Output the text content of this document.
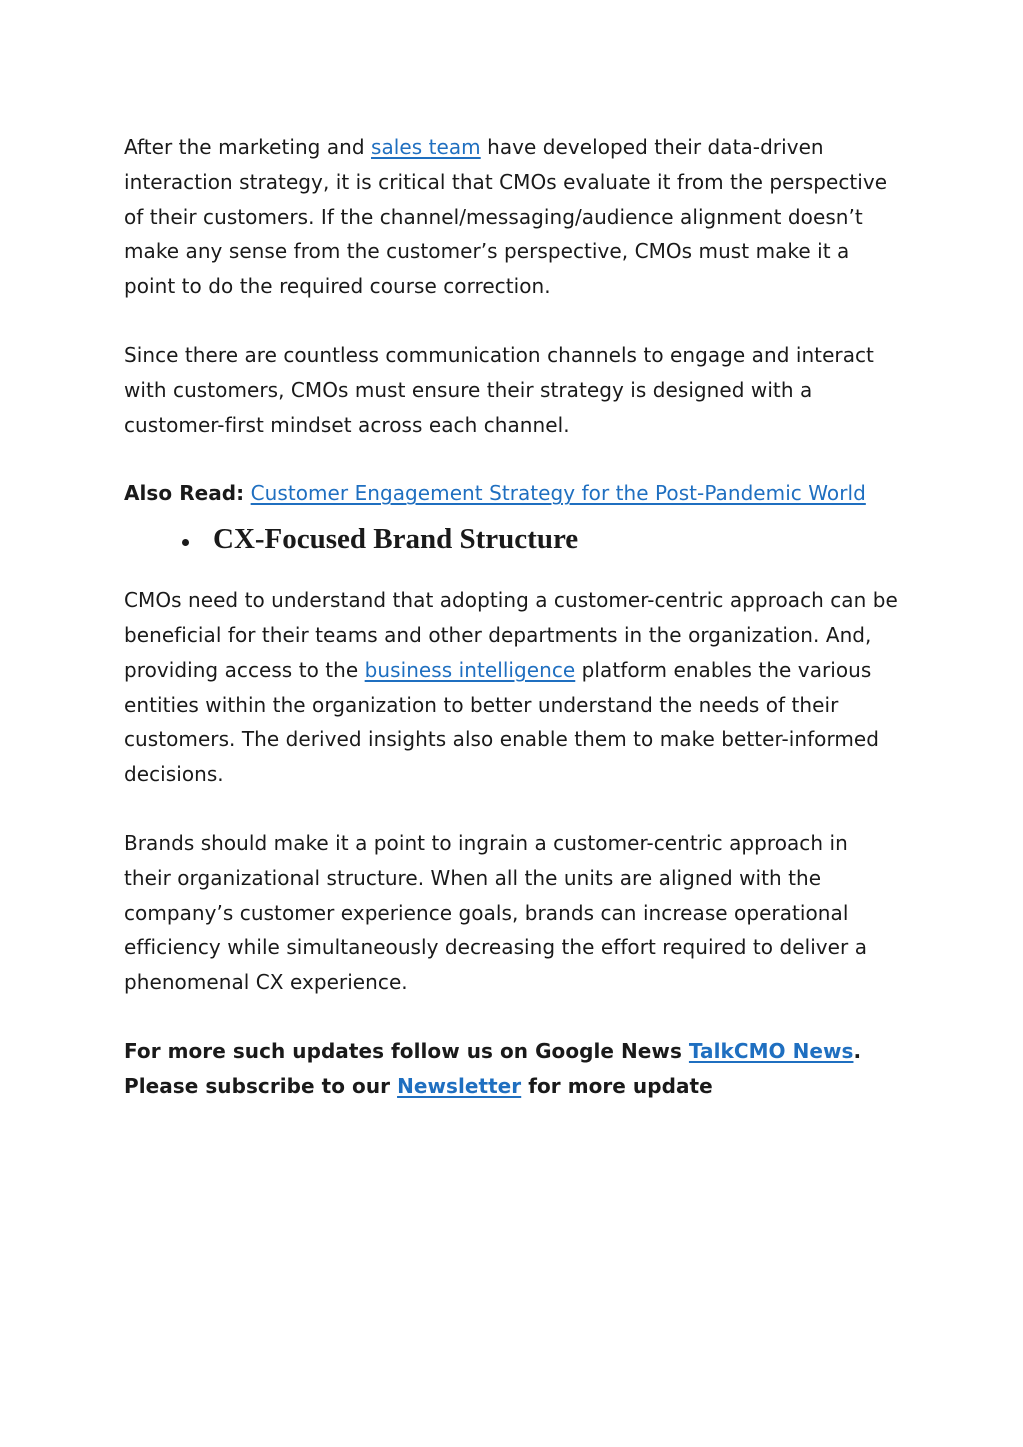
After the marketing and sales team have developed their data-driven interaction strategy, it is critical that CMOs evaluate it from the perspective of their customers. If the channel/messaging/audience alignment doesn’t make any sense from the customer’s perspective, CMOs must make it a point to do the required course correction.

Since there are countless communication channels to engage and interact with customers, CMOs must ensure their strategy is designed with a customer-first mindset across each channel.

Also Read: Customer Engagement Strategy for the Post-Pandemic World

CX-Focused Brand Structure

CMOs need to understand that adopting a customer-centric approach can be beneficial for their teams and other departments in the organization. And, providing access to the business intelligence platform enables the various entities within the organization to better understand the needs of their customers. The derived insights also enable them to make better-informed decisions.

Brands should make it a point to ingrain a customer-centric approach in their organizational structure. When all the units are aligned with the company’s customer experience goals, brands can increase operational efficiency while simultaneously decreasing the effort required to deliver a phenomenal CX experience.

For more such updates follow us on Google News TalkCMO News. Please subscribe to our Newsletter for more update
